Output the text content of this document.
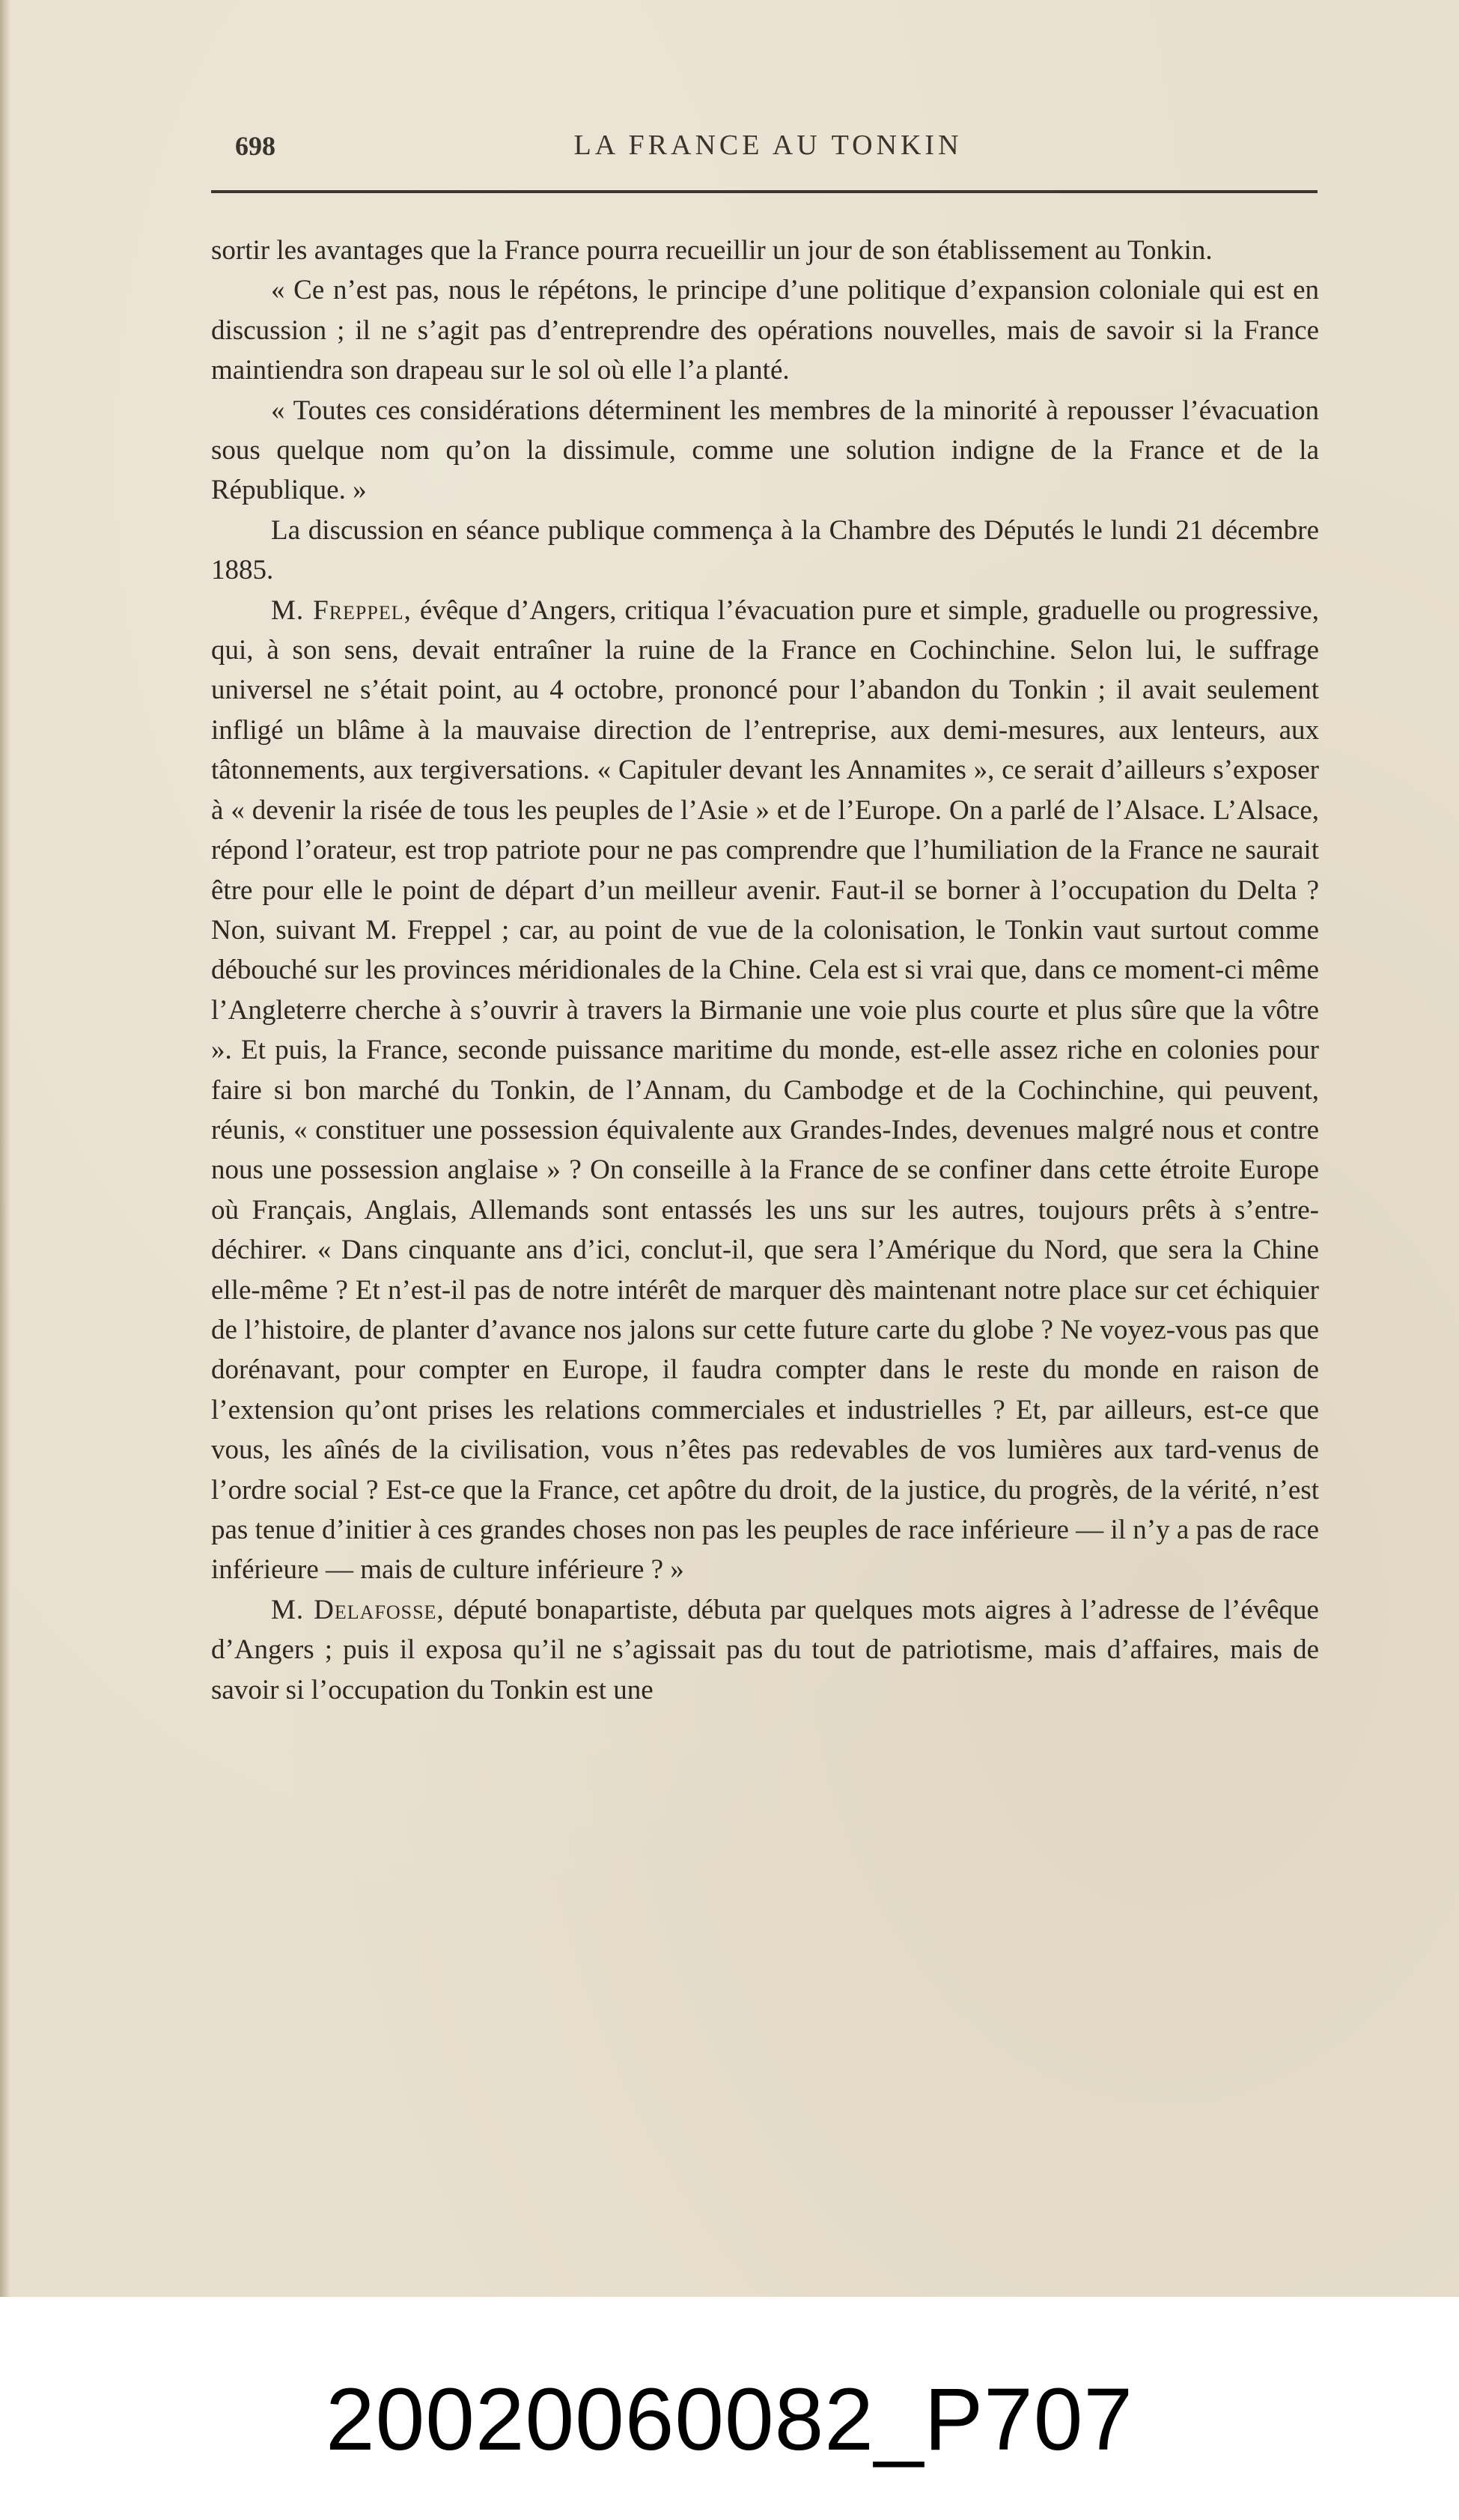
698	LA FRANCE AU TONKIN

sortir les avantages que la France pourra recueillir un jour de son établissement au Tonkin.

« Ce n’est pas, nous le répétons, le principe d’une politique d’expansion coloniale qui est en discussion ; il ne s’agit pas d’entreprendre des opérations nouvelles, mais de savoir si la France maintiendra son drapeau sur le sol où elle l’a planté.

« Toutes ces considérations déterminent les membres de la minorité à repousser l’évacuation sous quelque nom qu’on la dissimule, comme une solution indigne de la France et de la République. »

La discussion en séance publique commença à la Chambre des Députés le lundi 21 décembre 1885.

M. Freppel, évêque d’Angers, critiqua l’évacuation pure et simple, graduelle ou progressive, qui, à son sens, devait entraîner la ruine de la France en Cochinchine. Selon lui, le suffrage universel ne s’était point, au 4 octobre, prononcé pour l’abandon du Tonkin ; il avait seulement infligé un blâme à la mauvaise direction de l’entreprise, aux demi-mesures, aux lenteurs, aux tâtonnements, aux tergiversations. « Capituler devant les Annamites », ce serait d’ailleurs s’exposer à « devenir la risée de tous les peuples de l’Asie » et de l’Europe. On a parlé de l’Alsace. L’Alsace, répond l’orateur, est trop patriote pour ne pas comprendre que l’humiliation de la France ne saurait être pour elle le point de départ d’un meilleur avenir. Faut-il se borner à l’occupation du Delta ? Non, suivant M. Freppel ; car, au point de vue de la colonisation, le Tonkin vaut surtout comme débouché sur les provinces méridionales de la Chine. Cela est si vrai que, dans ce moment-ci même l’Angleterre cherche à s’ouvrir à travers la Birmanie une voie plus courte et plus sûre que la vôtre ». Et puis, la France, seconde puissance maritime du monde, est-elle assez riche en colonies pour faire si bon marché du Tonkin, de l’Annam, du Cambodge et de la Cochinchine, qui peuvent, réunis, « constituer une possession équivalente aux Grandes-Indes, devenues malgré nous et contre nous une possession anglaise » ? On conseille à la France de se confiner dans cette étroite Europe où Français, Anglais, Allemands sont entassés les uns sur les autres, toujours prêts à s’entre-déchirer. « Dans cinquante ans d’ici, conclut-il, que sera l’Amérique du Nord, que sera la Chine elle-même ? Et n’est-il pas de notre intérêt de marquer dès maintenant notre place sur cet échiquier de l’histoire, de planter d’avance nos jalons sur cette future carte du globe ? Ne voyez-vous pas que dorénavant, pour compter en Europe, il faudra compter dans le reste du monde en raison de l’extension qu’ont prises les relations commerciales et industrielles ? Et, par ailleurs, est-ce que vous, les aînés de la civilisation, vous n’êtes pas redevables de vos lumières aux tard-venus de l’ordre social ? Est-ce que la France, cet apôtre du droit, de la justice, du progrès, de la vérité, n’est pas tenue d’initier à ces grandes choses non pas les peuples de race inférieure — il n’y a pas de race inférieure — mais de culture inférieure ? »

M. Delafosse, député bonapartiste, débuta par quelques mots aigres à l’adresse de l’évêque d’Angers ; puis il exposa qu’il ne s’agissait pas du tout de patriotisme, mais d’affaires, mais de savoir si l’occupation du Tonkin est une

20020060082_P707
